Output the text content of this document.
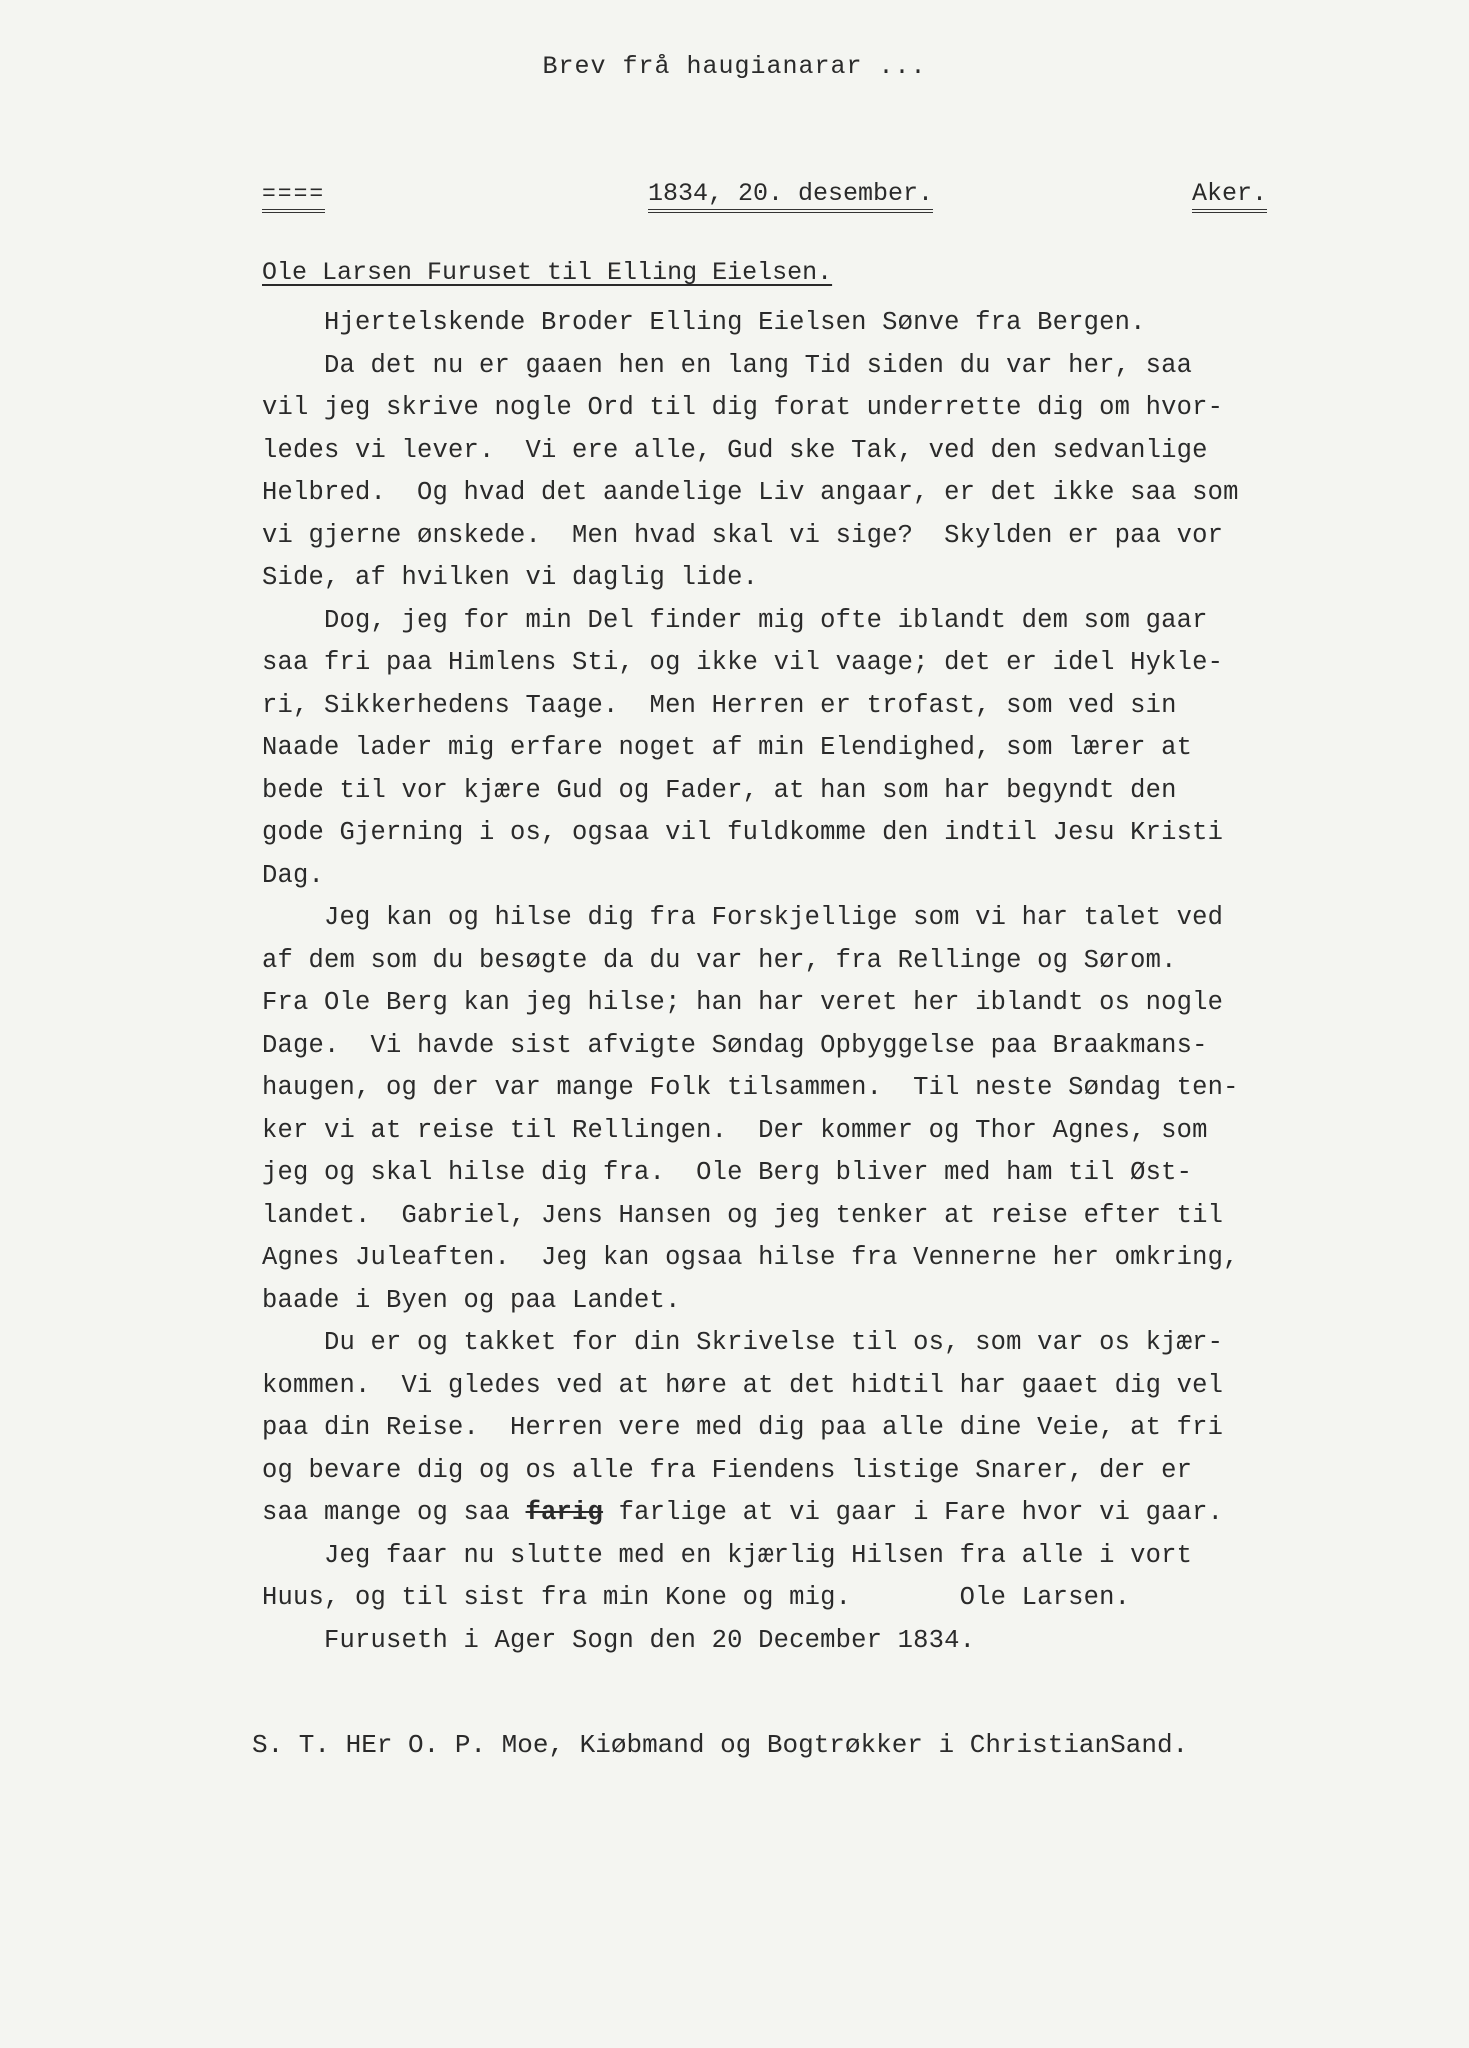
Brev frå haugianarar ...
====	1834, 20. desember.	Aker.
Ole Larsen Furuset til Elling Eielsen.
Hjertelskende Broder Elling Eielsen Sønve fra Bergen.
Da det nu er gaaen hen en lang Tid siden du var her, saa
vil jeg skrive nogle Ord til dig forat underrette dig om hvor-
ledes vi lever.  Vi ere alle, Gud ske Tak, ved den sedvanlige
Helbred.  Og hvad det aandelige Liv angaar, er det ikke saa som
vi gjerne ønskede.  Men hvad skal vi sige?  Skylden er paa vor
Side, af hvilken vi daglig lide.
Dog, jeg for min Del finder mig ofte iblandt dem som gaar
saa fri paa Himlens Sti, og ikke vil vaage; det er idel Hykle-
ri, Sikkerhedens Taage.  Men Herren er trofast, som ved sin
Naade lader mig erfare noget af min Elendighed, som lærer at
bede til vor kjære Gud og Fader, at han som har begyndt den
gode Gjerning i os, ogsaa vil fuldkomme den indtil Jesu Kristi
Dag.
Jeg kan og hilse dig fra Forskjellige som vi har talet ved
af dem som du besøgte da du var her, fra Rellinge og Sørom.
Fra Ole Berg kan jeg hilse; han har veret her iblandt os nogle
Dage.  Vi havde sist afvigte Søndag Opbyggelse paa Braakmans-
haugen, og der var mange Folk tilsammen.  Til neste Søndag ten-
ker vi at reise til Rellingen.  Der kommer og Thor Agnes, som
jeg og skal hilse dig fra.  Ole Berg bliver med ham til Øst-
landet.  Gabriel, Jens Hansen og jeg tenker at reise efter til
Agnes Juleaften.  Jeg kan ogsaa hilse fra Vennerne her omkring,
baade i Byen og paa Landet.
Du er og takket for din Skrivelse til os, som var os kjær-
kommen.  Vi gledes ved at høre at det hidtil har gaaet dig vel
paa din Reise.  Herren vere med dig paa alle dine Veie, at fri
og bevare dig og os alle fra Fiendens listige Snarer, der er
saa mange og saa farig farlige at vi gaar i Fare hvor vi gaar.
Jeg faar nu slutte med en kjærlig Hilsen fra alle i vort
Huus, og til sist fra min Kone og mig.       Ole Larsen.
Furuseth i Ager Sogn den 20 December 1834.
S. T. HEr O. P. Moe, Kiøbmand og Bogtrøkker i ChristianSand.
